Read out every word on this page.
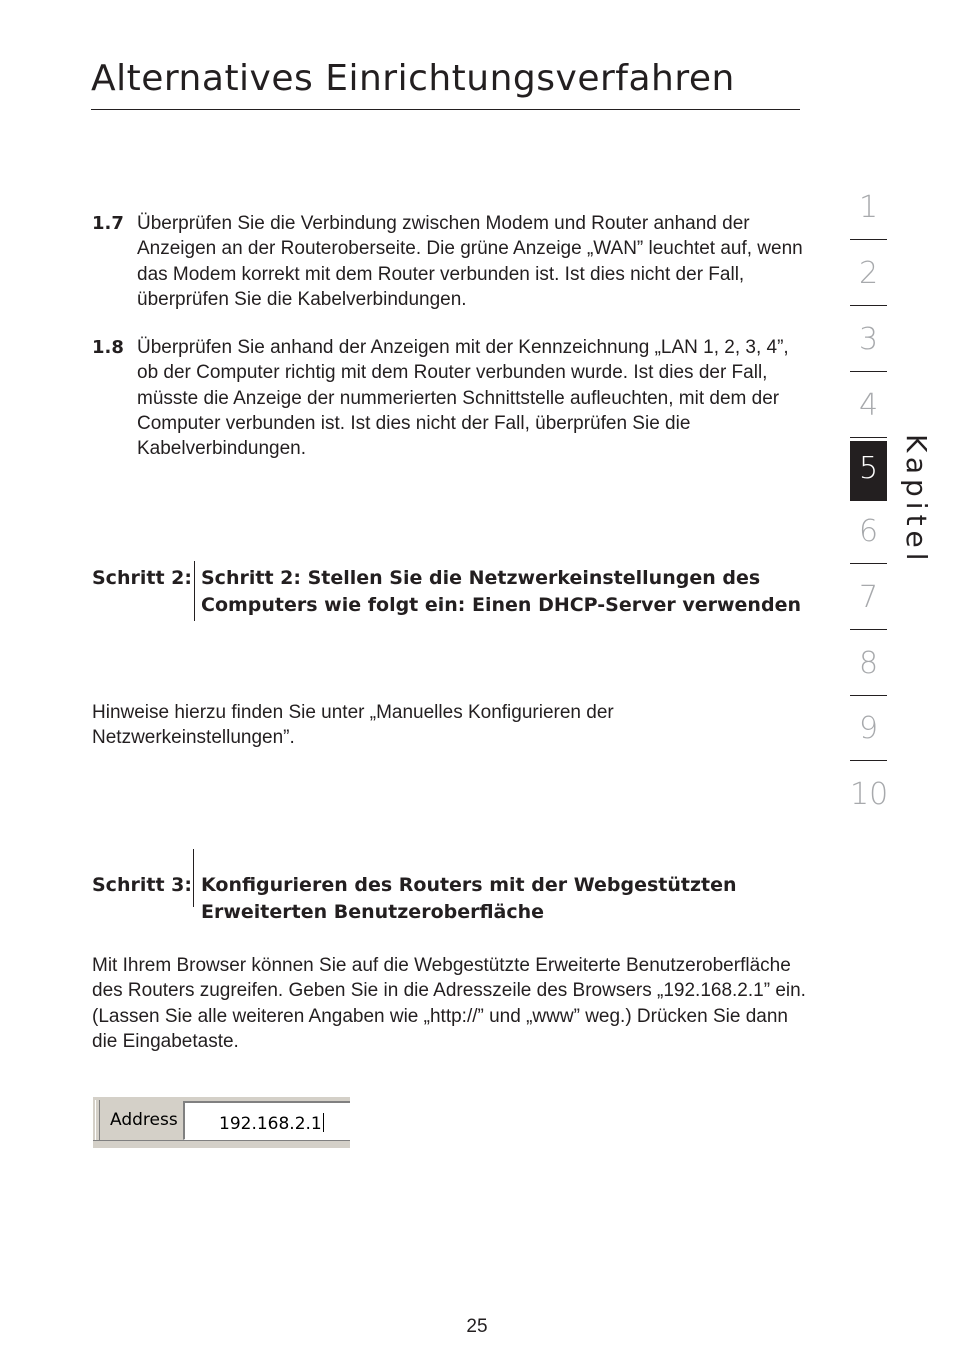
Alternatives Einrichtungsverfahren
1.7 Überprüfen Sie die Verbindung zwischen Modem und Router anhand der Anzeigen an der Routeroberseite. Die grüne Anzeige „WAN” leuchtet auf, wenn das Modem korrekt mit dem Router verbunden ist. Ist dies nicht der Fall, überprüfen Sie die Kabelverbindungen.
1.8 Überprüfen Sie anhand der Anzeigen mit der Kennzeichnung „LAN 1, 2, 3, 4”, ob der Computer richtig mit dem Router verbunden wurde. Ist dies der Fall, müsste die Anzeige der nummerierten Schnittstelle aufleuchten, mit dem der Computer verbunden ist. Ist dies nicht der Fall, überprüfen Sie die Kabelverbindungen.
Schritt 2: Schritt 2: Stellen Sie die Netzwerkeinstellungen des Computers wie folgt ein: Einen DHCP-Server verwenden
Hinweise hierzu finden Sie unter „Manuelles Konfigurieren der Netzwerkeinstellungen”.
Schritt 3: Konfigurieren des Routers mit der Webgestützten Erweiterten Benutzeroberfläche
Mit Ihrem Browser können Sie auf die Webgestützte Erweiterte Benutzeroberfläche des Routers zugreifen. Geben Sie in die Adresszeile des Browsers „192.168.2.1” ein. (Lassen Sie alle weiteren Angaben wie „http://” und „www” weg.) Drücken Sie dann die Eingabetaste.
Address 192.168.2.1
1
2
3
4
5
6
7
8
9
10
Kapitel
25
